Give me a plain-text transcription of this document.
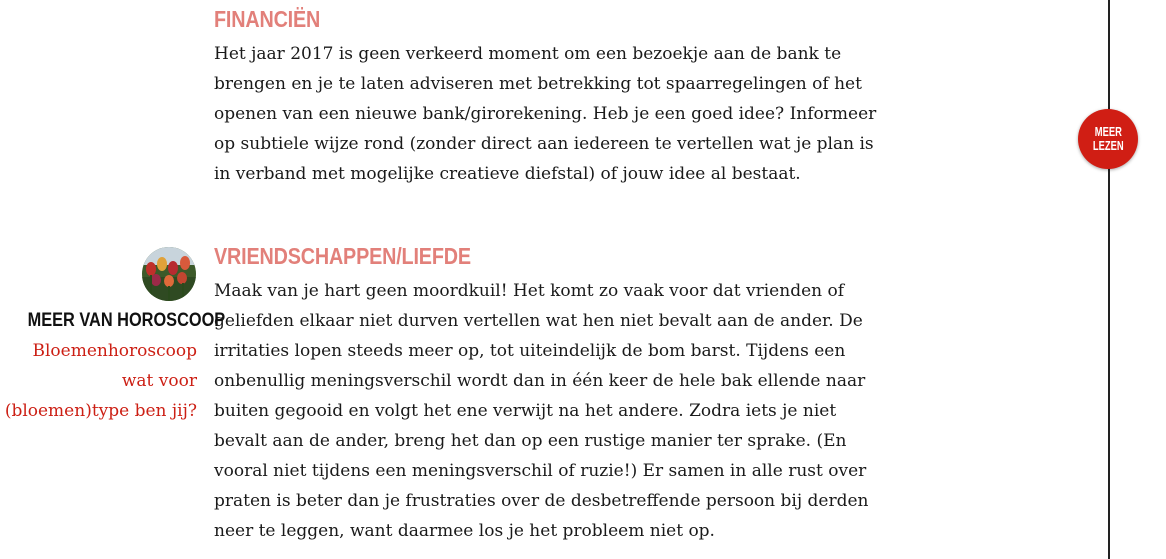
FINANCIËN

Het jaar 2017 is geen verkeerd moment om een bezoekje aan de bank te brengen en je te laten adviseren met betrekking tot spaarregelingen of het openen van een nieuwe bank/girorekening. Heb je een goed idee? Informeer op subtiele wijze rond (zonder direct aan iedereen te vertellen wat je plan is in verband met mogelijke creatieve diefstal) of jouw idee al bestaat.

VRIENDSCHAPPEN/LIEFDE

Maak van je hart geen moordkuil! Het komt zo vaak voor dat vrienden of geliefden elkaar niet durven vertellen wat hen niet bevalt aan de ander. De irritaties lopen steeds meer op, tot uiteindelijk de bom barst. Tijdens een onbenullig meningsverschil wordt dan in één keer de hele bak ellende naar buiten gegooid en volgt het ene verwijt na het andere. Zodra iets je niet bevalt aan de ander, breng het dan op een rustige manier ter sprake. (En vooral niet tijdens een meningsverschil of ruzie!) Er samen in alle rust over praten is beter dan je frustraties over de desbetreffende persoon bij derden neer te leggen, want daarmee los je het probleem niet op.

MEER VAN HOROSCOOP
Bloemenhoroscoop wat voor (bloemen)type ben jij?
MEER
LEZEN
